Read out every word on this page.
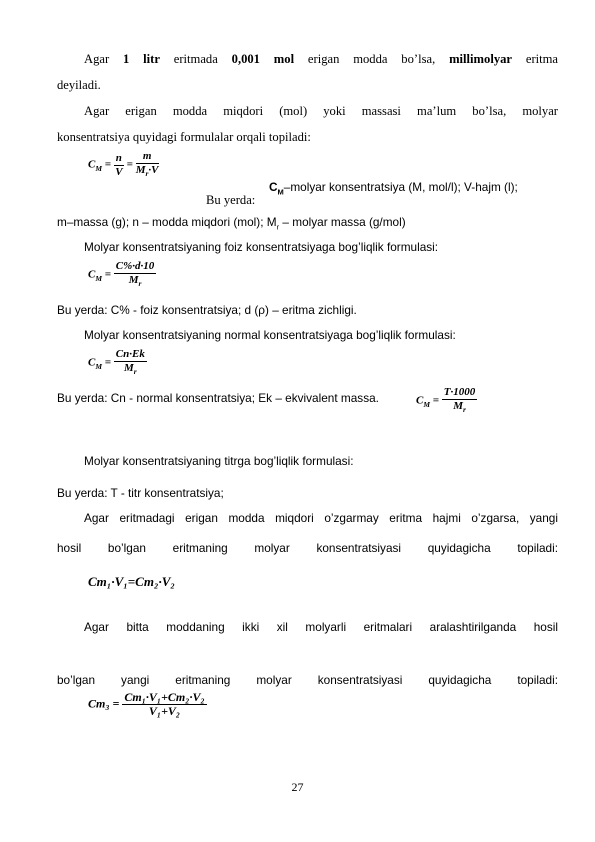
Agar 1 litr eritmada 0,001 mol erigan modda bo’lsa, millimolyar eritma
deyiladi.
Agar erigan modda miqdori (mol) yoki massasi ma’lum bo’lsa, molyar
konsentratsiya quyidagi formulalar orqali topiladi:
$C_M = \frac{n}{V} = \frac{m}{M_r\cdot V}$
Bu yerda:
$C_M$–molyar konsentratsiya (M, mol/l); V-hajm (l);
m–massa (g); n – modda miqdori (mol); $M_r$ – molyar massa (g/mol)
Molyar konsentratsiyaning foiz konsentratsiyaga bog’liqlik formulasi:
$C_M = \frac{C\%\cdot d\cdot 10}{M_r}$
Bu yerda: C% - foiz konsentratsiya; d (ρ) – eritma zichligi.
Molyar konsentratsiyaning normal konsentratsiyaga bog’liqlik formulasi:
$C_M = \frac{Cn\cdot Ek}{M_r}$
Bu yerda: Cn - normal konsentratsiya; Ek – ekvivalent massa.	$C_M = \frac{T\cdot 1000}{M_r}$
Molyar konsentratsiyaning titrga bog’liqlik formulasi:
Bu yerda: T - titr konsentratsiya;
Agar eritmadagi erigan modda miqdori o’zgarmay eritma hajmi o’zgarsa, yangi
hosil bo’lgan eritmaning molyar konsentratsiyasi quyidagicha topiladi:
Cm₁·V₁=Cm₂·V₂
Agar bitta moddaning ikki xil molyarli eritmalari aralashtirilganda hosil
bo’lgan yangi eritmaning molyar konsentratsiyasi quyidagicha topiladi:
$Cm_3 = \frac{\text{Cm₁·V₁+Cm₂·V₂}}{\text{V₁+V₂}}$
27
